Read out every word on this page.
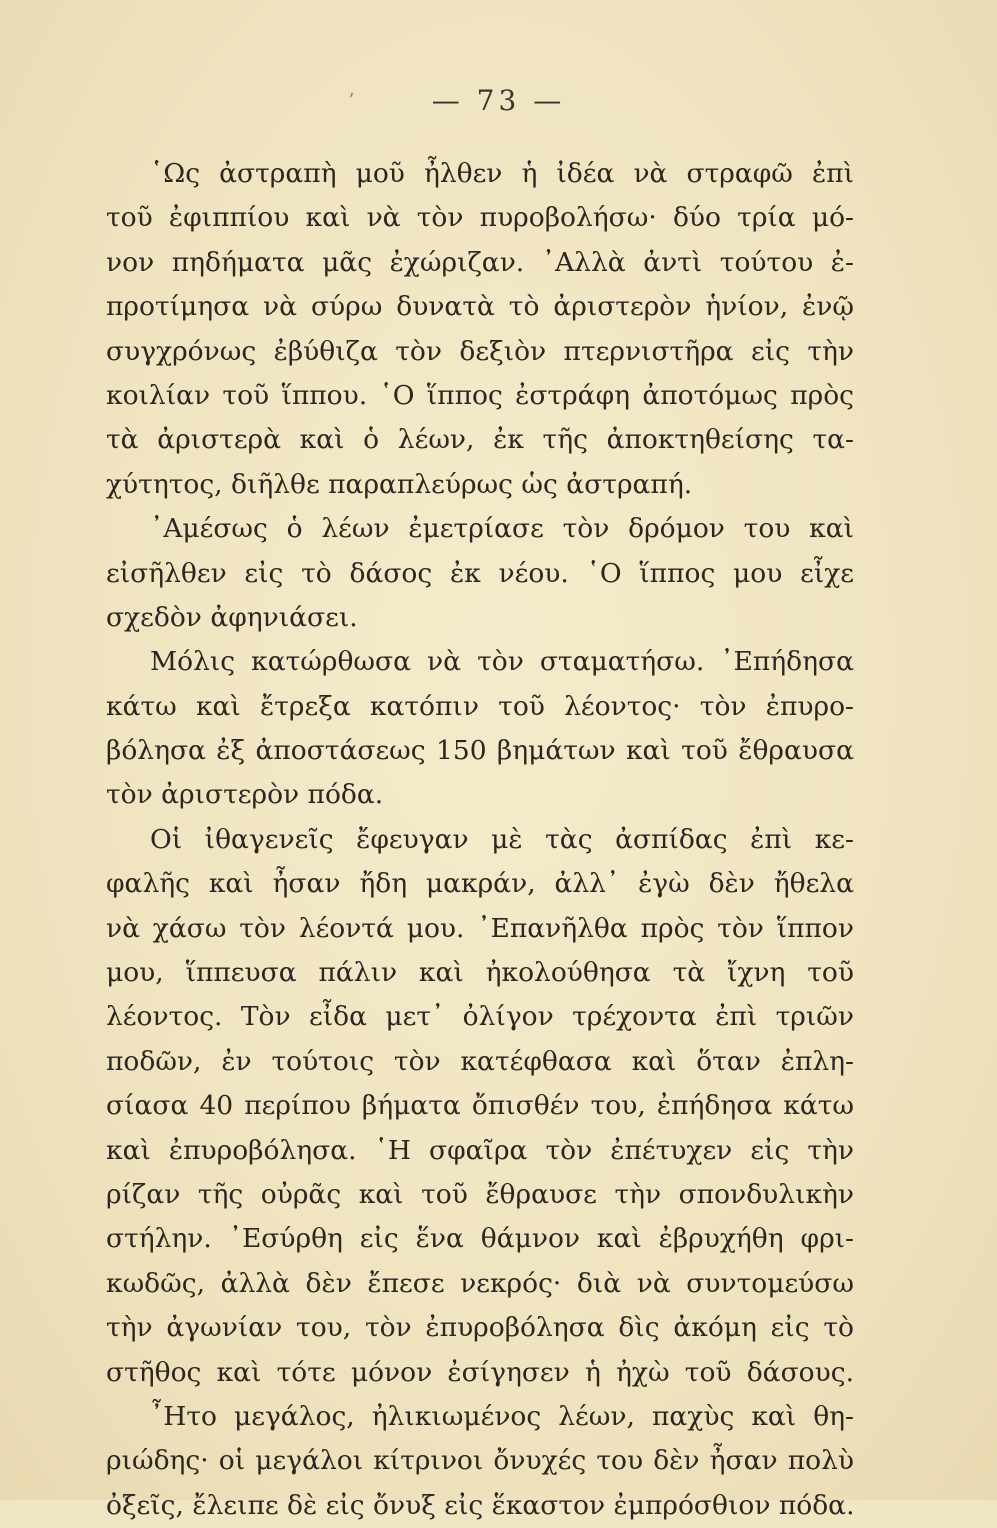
ʼ	— 73 —
῾Ως ἀστραπὴ μοῦ ἦλθεν ἡ ἰδέα νὰ στραφῶ ἐπὶ
τοῦ ἐφιππίου καὶ νὰ τὸν πυροβολήσω· δύο τρία μό-
νον πηδήματα μᾶς ἐχώριζαν. ᾿Αλλὰ ἀντὶ τούτου ἐ-
προτίμησα νὰ σύρω δυνατὰ τὸ ἀριστερὸν ἡνίον, ἐνῷ
συγχρόνως ἐβύθιζα τὸν δεξιὸν πτερνιστῆρα εἰς τὴν
κοιλίαν τοῦ ἵππου. ῾Ο ἵππος ἐστράφη ἀποτόμως πρὸς
τὰ ἀριστερὰ καὶ ὁ λέων, ἐκ τῆς ἀποκτηθείσης τα-
χύτητος, διῆλθε παραπλεύρως ὡς ἀστραπή.
᾿Αμέσως ὁ λέων ἐμετρίασε τὸν δρόμον του καὶ
εἰσῆλθεν εἰς τὸ δάσος ἐκ νέου. ῾Ο ἵππος μου εἶχε
σχεδὸν ἀφηνιάσει.
Μόλις κατώρθωσα νὰ τὸν σταματήσω. ᾿Επήδησα
κάτω καὶ ἔτρεξα κατόπιν τοῦ λέοντος· τὸν ἐπυρο-
βόλησα ἐξ ἀποστάσεως 150 βημάτων καὶ τοῦ ἔθραυσα
τὸν ἀριστερὸν πόδα.
Οἱ ἰθαγενεῖς ἔφευγαν μὲ τὰς ἀσπίδας ἐπὶ κε-
φαλῆς καὶ ἦσαν ἤδη μακράν, ἀλλ᾿ ἐγὼ δὲν ἤθελα
νὰ χάσω τὸν λέοντά μου. ᾿Επανῆλθα πρὸς τὸν ἵππον
μου, ἵππευσα πάλιν καὶ ἠκολούθησα τὰ ἴχνη τοῦ
λέοντος. Τὸν εἶδα μετ᾿ ὀλίγον τρέχοντα ἐπὶ τριῶν
ποδῶν, ἐν τούτοις τὸν κατέφθασα καὶ ὅταν ἐπλη-
σίασα 40 περίπου βήματα ὄπισθέν του, ἐπήδησα κάτω
καὶ ἐπυροβόλησα. ῾Η σφαῖρα τὸν ἐπέτυχεν εἰς τὴν
ρίζαν τῆς οὐρᾶς καὶ τοῦ ἔθραυσε τὴν σπονδυλικὴν
στήλην. ᾿Εσύρθη εἰς ἕνα θάμνον καὶ ἐβρυχήθη φρι-
κωδῶς, ἀλλὰ δὲν ἔπεσε νεκρός· διὰ νὰ συντομεύσω
τὴν ἀγωνίαν του, τὸν ἐπυροβόλησα δὶς ἀκόμη εἰς τὸ
στῆθος καὶ τότε μόνον ἐσίγησεν ἡ ἠχὼ τοῦ δάσους.
῏Ητο μεγάλος, ἠλικιωμένος λέων, παχὺς καὶ θη-
ριώδης· οἱ μεγάλοι κίτρινοι ὄνυχές του δὲν ἦσαν πολὺ
ὀξεῖς, ἔλειπε δὲ εἰς ὄνυξ εἰς ἕκαστον ἐμπρόσθιον πόδα.
